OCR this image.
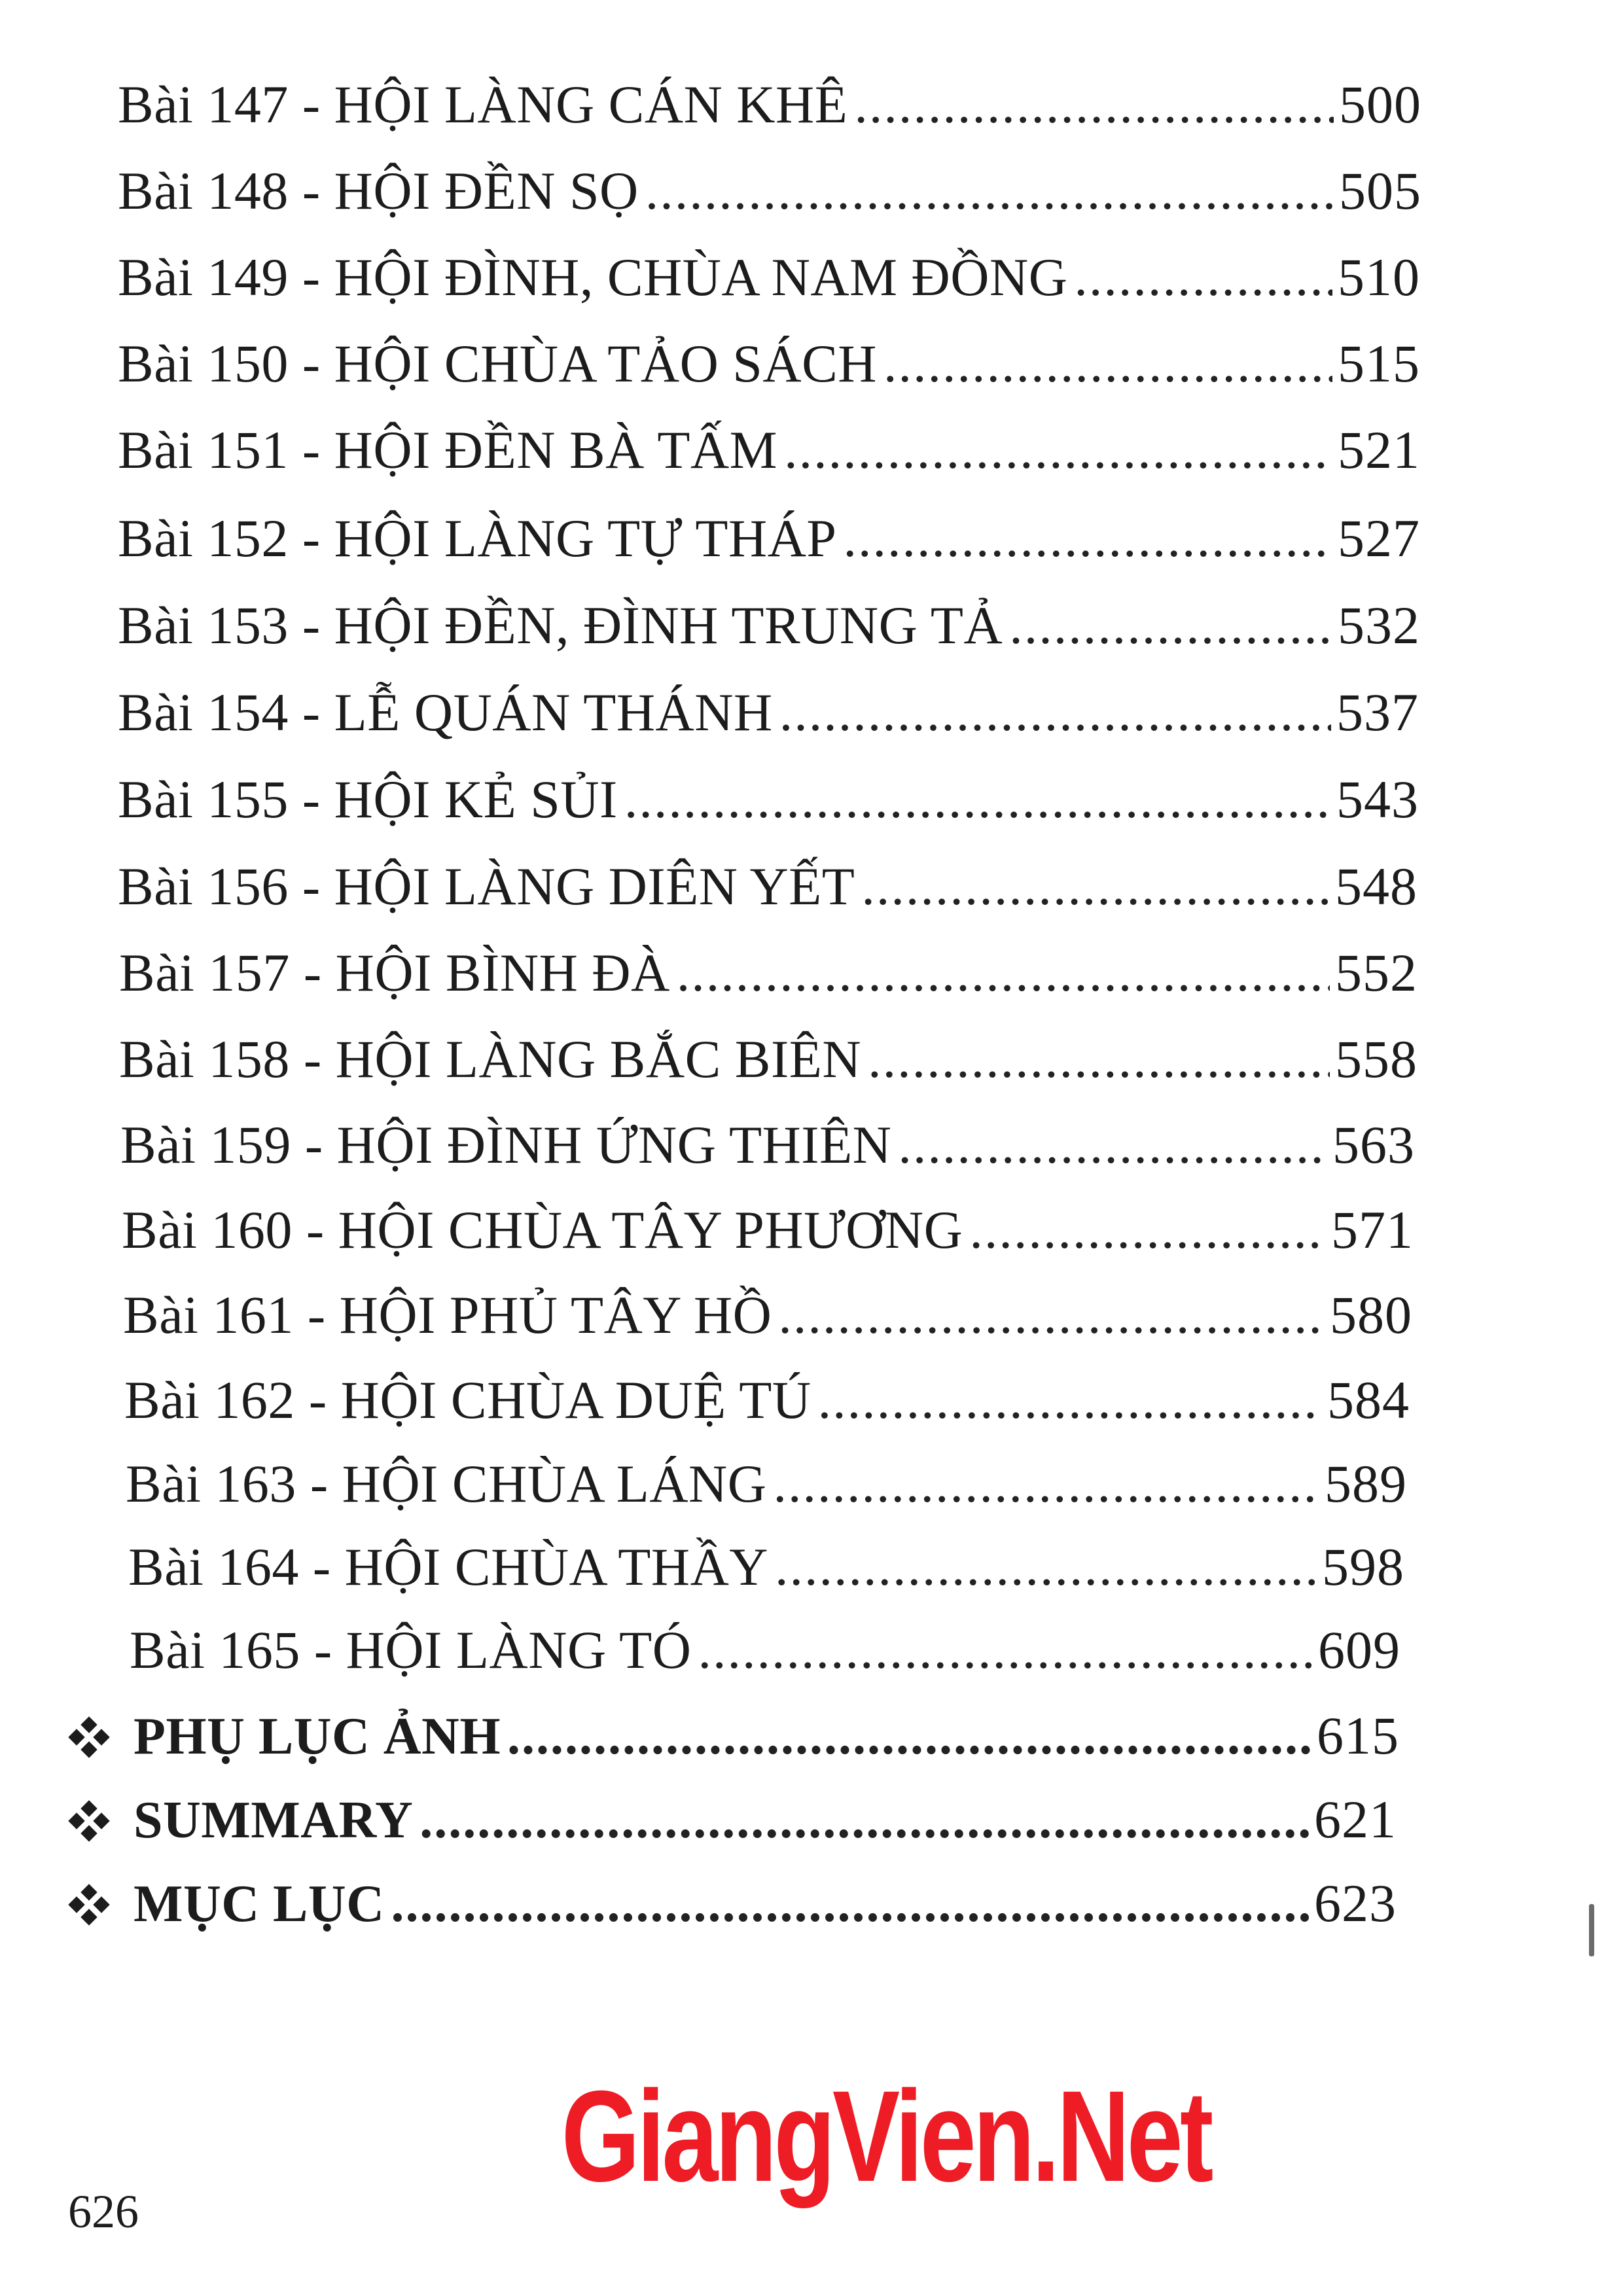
Bài 147 - HỘI LÀNG CÁN KHÊ .....	500
Bài 148 - HỘI ĐỀN SỌ .....	505
Bài 149 - HỘI ĐÌNH, CHÙA NAM ĐỒNG .....	510
Bài 150 - HỘI CHÙA TẢO SÁCH .....	515
Bài 151 - HỘI ĐỀN BÀ TẤM .....	521
Bài 152 - HỘI LÀNG TỰ THÁP .....	527
Bài 153 - HỘI ĐỀN, ĐÌNH TRUNG TẢ .....	532
Bài 154 - LỄ QUÁN THÁNH .....	537
Bài 155 - HỘI KẺ SỦI .....	543
Bài 156 - HỘI LÀNG DIÊN YẾT .....	548
Bài 157 - HỘI BÌNH ĐÀ .....	552
Bài 158 - HỘI LÀNG BẮC BIÊN .....	558
Bài 159 - HỘI ĐÌNH ỨNG THIÊN .....	563
Bài 160 - HỘI CHÙA TÂY PHƯƠNG .....	571
Bài 161 - HỘI PHỦ TÂY HỒ .....	580
Bài 162 - HỘI CHÙA DUỆ TÚ .....	584
Bài 163 - HỘI CHÙA LÁNG .....	589
Bài 164 - HỘI CHÙA THẦY .....	598
Bài 165 - HỘI LÀNG TÓ .....	609
PHỤ LỤC ẢNH .....	615
SUMMARY .....	621
MỤC LỤC .....	623
GiangVien.Net
626
